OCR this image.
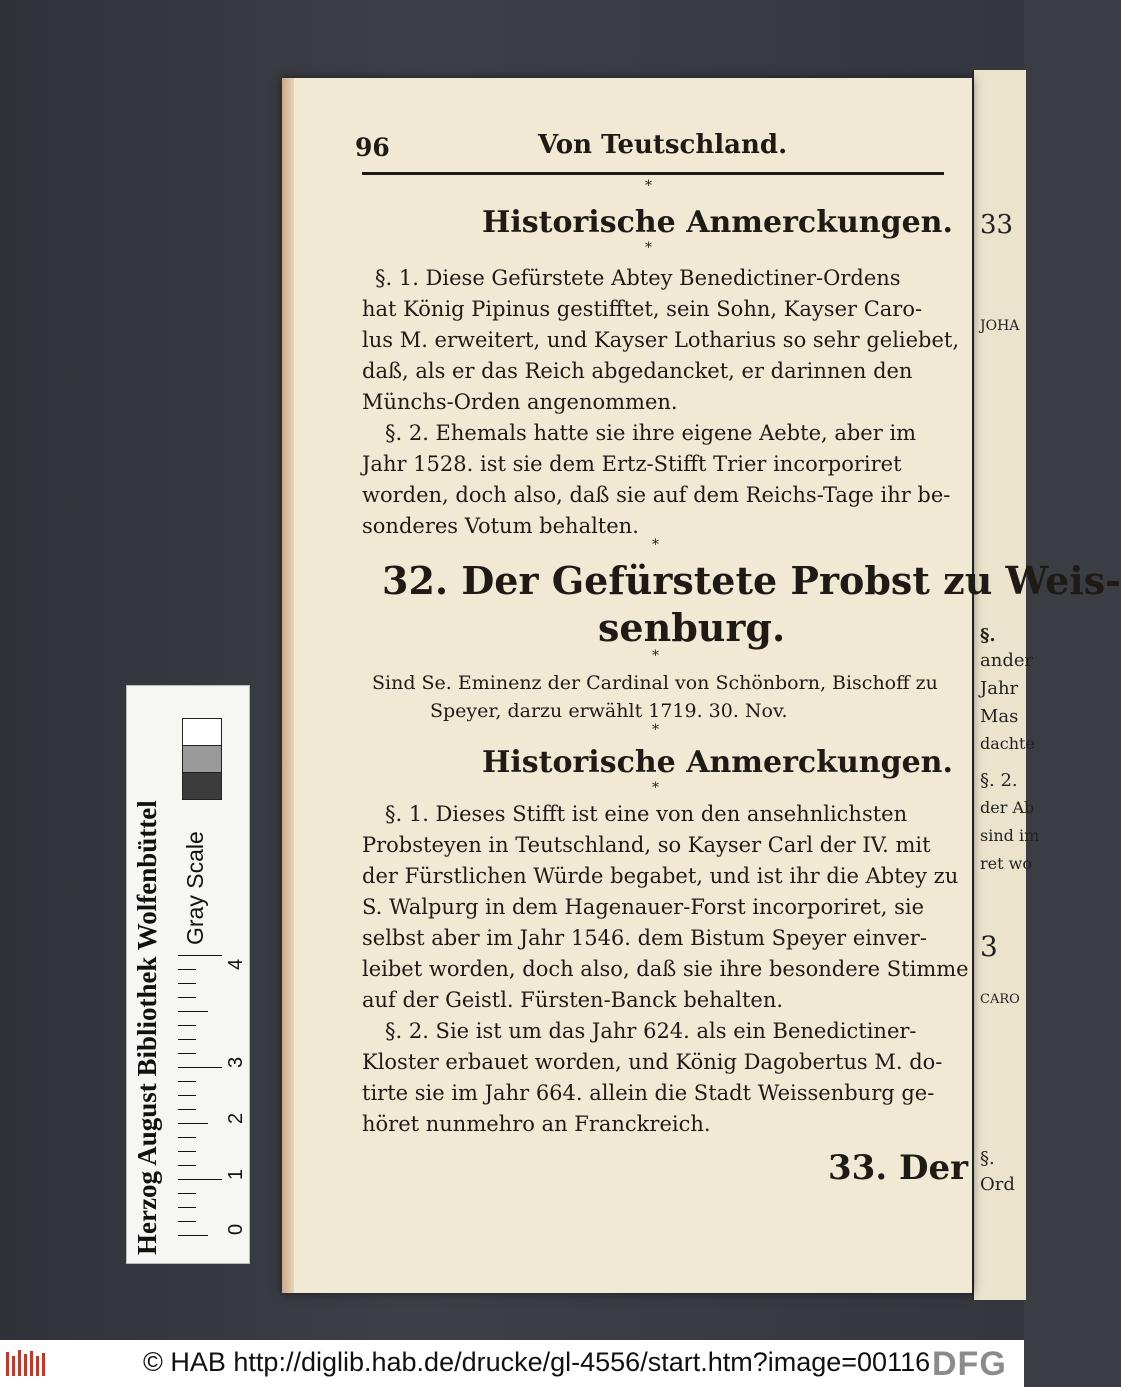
33
JOHA
§.
ander
Jahr
Mas
dachte
§. 2.
der Ab
sind im
ret wo
3
CARO
§.
Ord
96	Von Teutschland.
*
Historische Anmerckungen.
*
§. 1. Diese Gefürstete Abtey Benedictiner-Ordens
hat König Pipinus gestifftet, sein Sohn, Kayser Caro-
lus M. erweitert, und Kayser Lotharius so sehr geliebet,
daß, als er das Reich abgedancket, er darinnen den
Münchs-Orden angenommen.
§. 2. Ehemals hatte sie ihre eigene Aebte, aber im
Jahr 1528. ist sie dem Ertz-Stifft Trier incorporiret
worden, doch also, daß sie auf dem Reichs-Tage ihr be-
sonderes Votum behalten.
*
32. Der Gefürstete Probst zu Weis-
senburg.
*
Sind Se. Eminenz der Cardinal von Schönborn, Bischoff zu
Speyer, darzu erwählt 1719. 30. Nov.
*
Historische Anmerckungen.
*
§. 1. Dieses Stifft ist eine von den ansehnlichsten
Probsteyen in Teutschland, so Kayser Carl der IV. mit
der Fürstlichen Würde begabet, und ist ihr die Abtey zu
S. Walpurg in dem Hagenauer-Forst incorporiret, sie
selbst aber im Jahr 1546. dem Bistum Speyer einver-
leibet worden, doch also, daß sie ihre besondere Stimme
auf der Geistl. Fürsten-Banck behalten.
§. 2. Sie ist um das Jahr 624. als ein Benedictiner-
Kloster erbauet worden, und König Dagobertus M. do-
tirte sie im Jahr 664. allein die Stadt Weissenburg ge-
höret nunmehro an Franckreich.
33. Der
Herzog August Bibliothek Wolfenbüttel Gray Scale
0
1
2
3
4
© HAB http://diglib.hab.de/drucke/gl-4556/start.htm?image=00116 DFG
